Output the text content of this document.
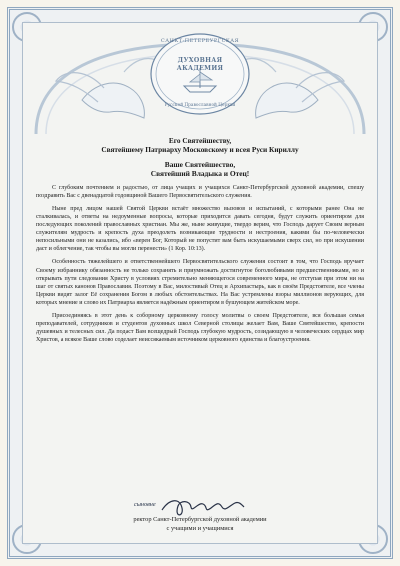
САНКТ-ПЕТЕРБУРГСКАЯ
ДУХОВНАЯ
АКАДЕМИЯ
Русской Православной Церкви

Его Святейшеству,
Святейшему Патриарху Московскому и всея Руси Кириллу

Ваше Святейшество,
Святейший Владыка и Отец!

С глубоким почтением и радостью, от лица учащих и учащихся Санкт-Петербургской духовной академии, спешу поздравить Вас с двенадцатой годовщиной Вашего Первосвятительского служения.

Ныне пред лицом нашей Святой Церкви встаёт множество вызовов и испытаний, с которыми ранее Она не сталкивалась, и ответы на недоуменные вопросы, которые приходится давать сегодня, будут служить ориентиром для последующих поколений православных христиан. Мы же, ныне живущие, твердо верим, что Господь дарует Своим верным служителям мудрость и крепость духа преодолеть возникающие трудности и нестроения, какими бы по-человечески непосильными они не казались, ибо «верен Бог, Который не попустит вам быть искушаемыми сверх сил, но при искушении даст и облегчение, так чтобы вы могли перенести» (1 Кор. 10:13).

Особенность тяжелейшего и ответственнейшего Первосвятительского служения состоит в том, что Господь вручает Своему избраннику обязанность не только сохранять и приумножать достигнутое боголюбивыми предшественниками, но и открывать пути следования Христу в условиях стремительно меняющегося современного мира, не отступая при этом ни на шаг от святых канонов Православия. Поэтому в Вас, милостивый Отец и Архипастырь, как в своём Предстоятеле, все члены Церкви видят залог Её сохранения Богом в любых обстоятельствах. На Вас устремлены взоры миллионов верующих, для которых мнение и слово их Патриарха является надёжным ориентиром в бушующем житейском море.

Присоединяясь в этот день к соборному церковному голосу молитвы о своем Предстоятеле, вся большая семья преподавателей, сотрудников и студентов духовных школ Северной столицы желает Вам, Ваше Святейшество, крепости душевных и телесных сил. Да подаст Вам всещедрый Господь глубокую мудрость, созидающую в человеческих сердцах мир Христов, а всякое Ваше слово соделает неиссякаемым источником церковного единства и благоустроения.

сыновне
ректор Санкт-Петербургской духовной академии
с учащими и учащимися
